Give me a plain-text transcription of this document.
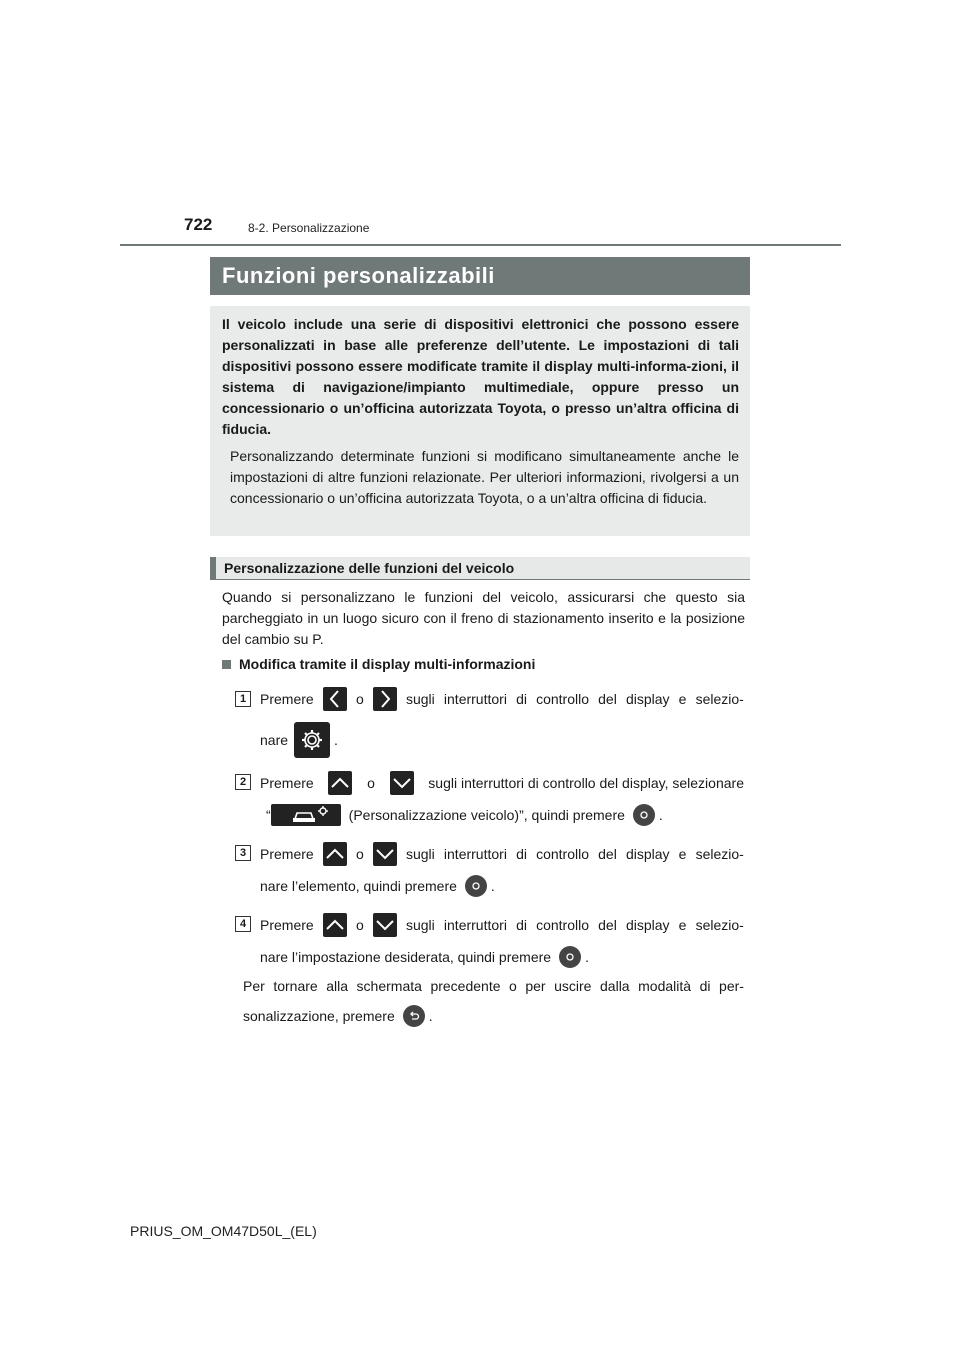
722	8-2. Personalizzazione
Funzioni personalizzabili

Il veicolo include una serie di dispositivi elettronici che possono essere personalizzati in base alle preferenze dell’utente. Le impostazioni di tali dispositivi possono essere modificate tramite il display multi-informa-zioni, il sistema di navigazione/impianto multimediale, oppure presso un concessionario o un’officina autorizzata Toyota, o presso un’altra officina di fiducia.

Personalizzando determinate funzioni si modificano simultaneamente anche le impostazioni di altre funzioni relazionate. Per ulteriori informazioni, rivolgersi a un concessionario o un’officina autorizzata Toyota, o a un’altra officina di fiducia.

Personalizzazione delle funzioni del veicolo

Quando si personalizzano le funzioni del veicolo, assicurarsi che questo sia parcheggiato in un luogo sicuro con il freno di stazionamento inserito e la posizione del cambio su P.

Modifica tramite il display multi-informazioni
1 Premere	o	sugli interruttori di controllo del display e selezio-
nare	.
2 Premere	o	sugli interruttori di controllo del display, selezionare
“	(Personalizzazione veicolo)”, quindi premere .
3 Premere	o	sugli interruttori di controllo del display e selezio-
nare l’elemento, quindi premere .
4 Premere	o	sugli interruttori di controllo del display e selezio-
nare l’impostazione desiderata, quindi premere .
Per tornare alla schermata precedente o per uscire dalla modalità di per-
sonalizzazione, premere .
PRIUS_OM_OM47D50L_(EL)
